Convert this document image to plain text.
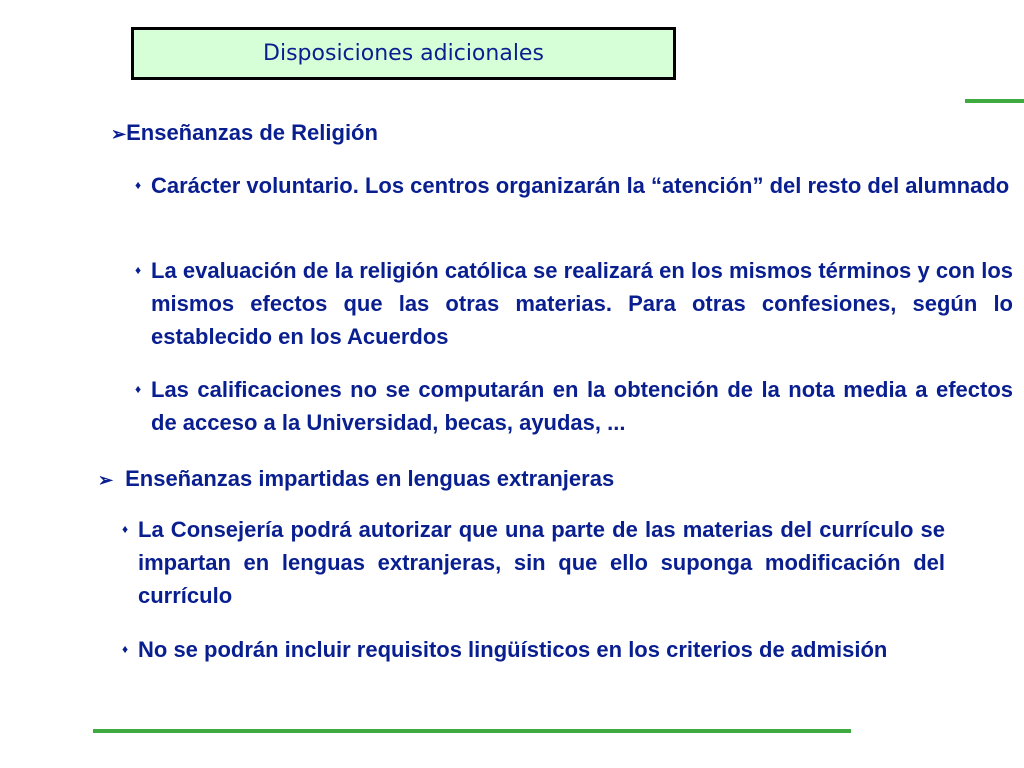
Disposiciones adicionales
➢ Enseñanzas de Religión
♦ Carácter voluntario. Los centros organizarán la “atención” del resto del alumnado
♦ La evaluación de la religión católica se realizará en los mismos términos y con los mismos efectos que las otras materias. Para otras confesiones, según lo establecido en los Acuerdos
♦ Las calificaciones no se computarán en la obtención de la nota media a efectos de acceso a la Universidad, becas, ayudas, ...
➢ Enseñanzas impartidas en lenguas extranjeras
♦ La Consejería podrá autorizar que una parte de las materias del currículo se impartan en lenguas extranjeras, sin que ello suponga modificación del currículo
♦ No se podrán incluir requisitos lingüísticos en los criterios de admisión
